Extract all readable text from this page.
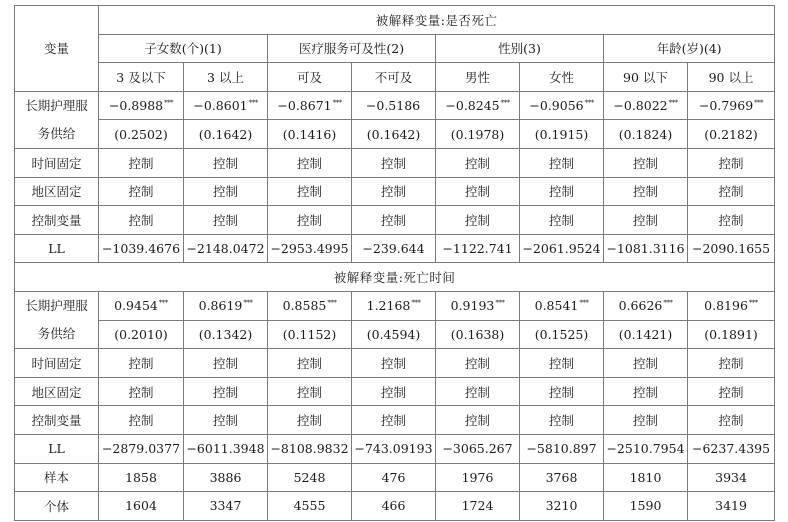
变量	被解释变量:是否死亡							
	子女数(个)(1)		医疗服务可及性(2)		性别(3)		年龄(岁)(4)	
	3 及以下	3 以上	可及	不可及	男性	女性	90 以下	90 以上
长期护理服
务供给	−0.8988***	−0.8601***	−0.8671***	−0.5186	−0.8245***	−0.9056***	−0.8022***	−0.7969***
	(0.2502)	(0.1642)	(0.1416)	(0.1642)	(0.1978)	(0.1915)	(0.1824)	(0.2182)
时间固定	控制	控制	控制	控制	控制	控制	控制	控制
地区固定	控制	控制	控制	控制	控制	控制	控制	控制
控制变量	控制	控制	控制	控制	控制	控制	控制	控制
LL	−1039.4676	−2148.0472	−2953.4995	−239.644	−1122.741	−2061.9524	−1081.3116	−2090.1655
被解释变量:死亡时间								
长期护理服
务供给	0.9454***	0.8619***	0.8585***	1.2168***	0.9193***	0.8541***	0.6626***	0.8196***
	(0.2010)	(0.1342)	(0.1152)	(0.4594)	(0.1638)	(0.1525)	(0.1421)	(0.1891)
时间固定	控制	控制	控制	控制	控制	控制	控制	控制
地区固定	控制	控制	控制	控制	控制	控制	控制	控制
控制变量	控制	控制	控制	控制	控制	控制	控制	控制
LL	−2879.0377	−6011.3948	−8108.9832	−743.09193	−3065.267	−5810.897	−2510.7954	−6237.4395
样本	1858	3886	5248	476	1976	3768	1810	3934
个体	1604	3347	4555	466	1724	3210	1590	3419
